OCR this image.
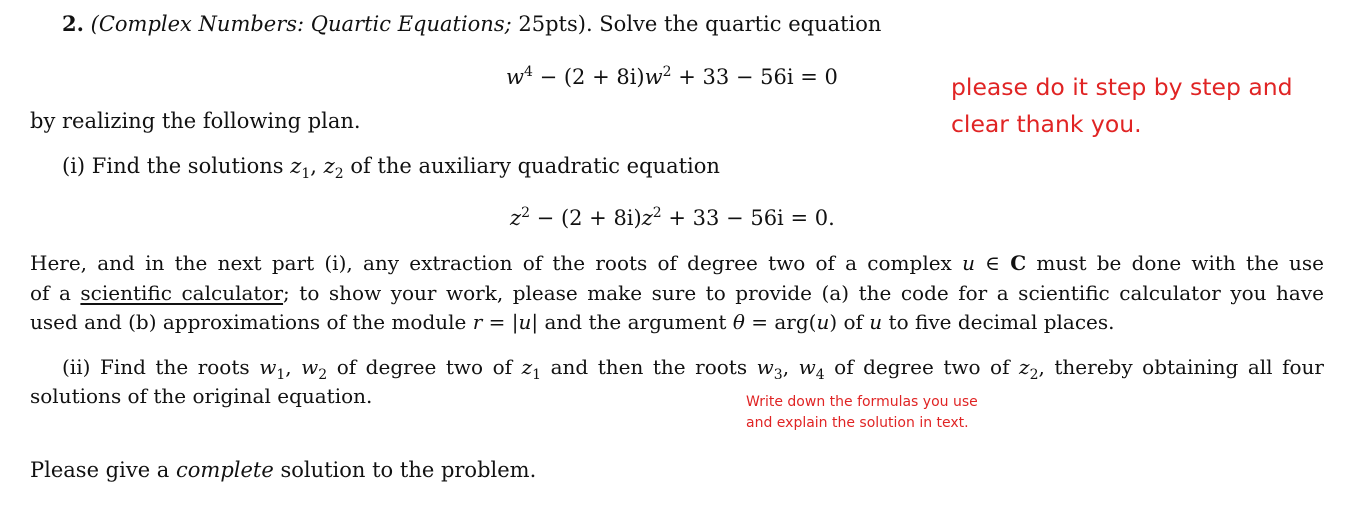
2. (Complex Numbers: Quartic Equations; 25pts). Solve the quartic equation
$w^4 - (2 + 8i)w^2 + 33 - 56i = 0$
by realizing the following plan.
(i) Find the solutions $z_1$, $z_2$ of the auxiliary quadratic equation
$z^2 - (2 + 8i)z^2 + 33 - 56i = 0$.
Here, and in the next part (i), any extraction of the roots of degree two of a complex u ∈ C must be done with the use
of a scientific calculator; to show your work, please make sure to provide (a) the code for a scientific calculator you have
used and (b) approximations of the module r = |u| and the argument θ = arg(u) of u to five decimal places.
(ii) Find the roots $w_1$, $w_2$ of degree two of $z_1$ and then the roots $w_3$, $w_4$ of degree two of $z_2$, thereby obtaining all four
solutions of the original equation.
Please give a complete solution to the problem.
please do it step by step and
clear thank you.
Write down the formulas you use
and explain the solution in text.
